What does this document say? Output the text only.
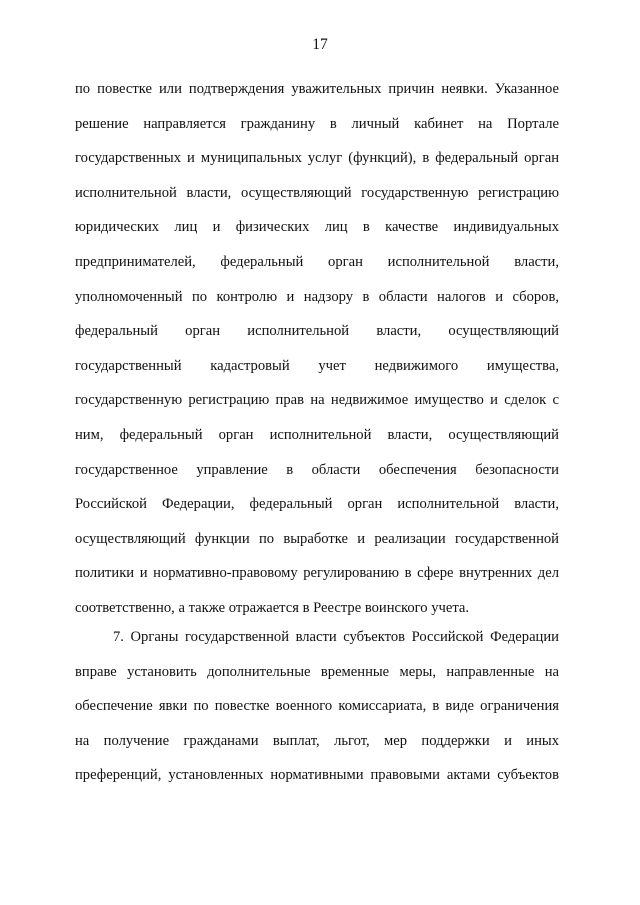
17
по повестке или подтверждения уважительных причин неявки. Указанное
решение направляется гражданину в личный кабинет на Портале
государственных и муниципальных услуг (функций), в федеральный орган
исполнительной власти, осуществляющий государственную регистрацию
юридических лиц и физических лиц в качестве индивидуальных
предпринимателей, федеральный орган исполнительной власти,
уполномоченный по контролю и надзору в области налогов и сборов,
федеральный орган исполнительной власти, осуществляющий
государственный кадастровый учет недвижимого имущества,
государственную регистрацию прав на недвижимое имущество и сделок с
ним, федеральный орган исполнительной власти, осуществляющий
государственное управление в области обеспечения безопасности
Российской Федерации, федеральный орган исполнительной власти,
осуществляющий функции по выработке и реализации государственной
политики и нормативно-правовому регулированию в сфере внутренних дел
соответственно, а также отражается в Реестре воинского учета.
7. Органы государственной власти субъектов Российской Федерации
вправе установить дополнительные временные меры, направленные на
обеспечение явки по повестке военного комиссариата, в виде ограничения
на получение гражданами выплат, льгот, мер поддержки и иных
преференций, установленных нормативными правовыми актами субъектов
